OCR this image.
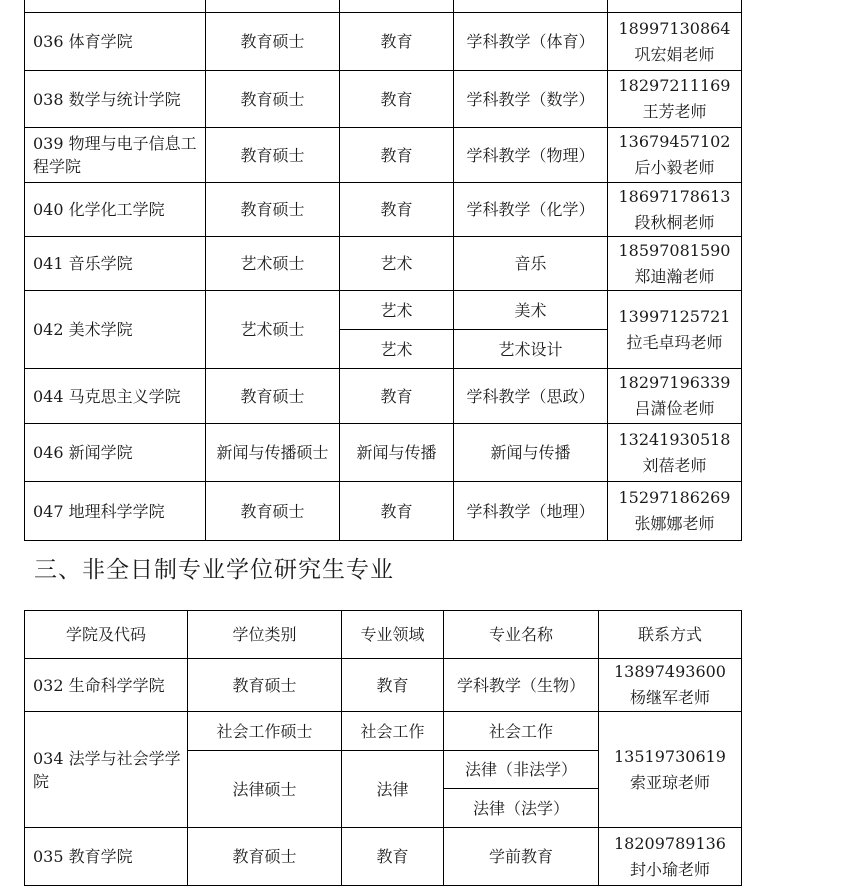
036 体育学院	教育硕士	教育	学科教学（体育）	18997130864
巩宏娟老师

038 数学与统计学院	教育硕士	教育	学科教学（数学）	18297211169
王芳老师

039 物理与电子信息工程学院	教育硕士	教育	学科教学（物理）	13679457102
后小毅老师

040 化学化工学院	教育硕士	教育	学科教学（化学）	18697178613
段秋桐老师

041 音乐学院	艺术硕士	艺术	音乐	18597081590
郑迪瀚老师

042 美术学院	艺术硕士	艺术	美术	13997125721
拉毛卓玛老师

		艺术	艺术设计	
044 马克思主义学院	教育硕士	教育	学科教学（思政）	18297196339
吕潇俭老师

046 新闻学院	新闻与传播硕士	新闻与传播	新闻与传播	13241930518
刘蓓老师

047 地理科学学院	教育硕士	教育	学科教学（地理）	15297186269
张娜娜老师
三、非全日制专业学位研究生专业
学院及代码	学位类别	专业领域	专业名称	联系方式
032 生命科学学院	教育硕士	教育	学科教学（生物）	13897493600
杨继军老师

034 法学与社会学学院	社会工作硕士	社会工作	社会工作	13519730619
索亚琼老师

	法律硕士	法律	法律（非法学）	
			法律（法学）	
035 教育学院	教育硕士	教育	学前教育	18209789136
封小瑜老师
